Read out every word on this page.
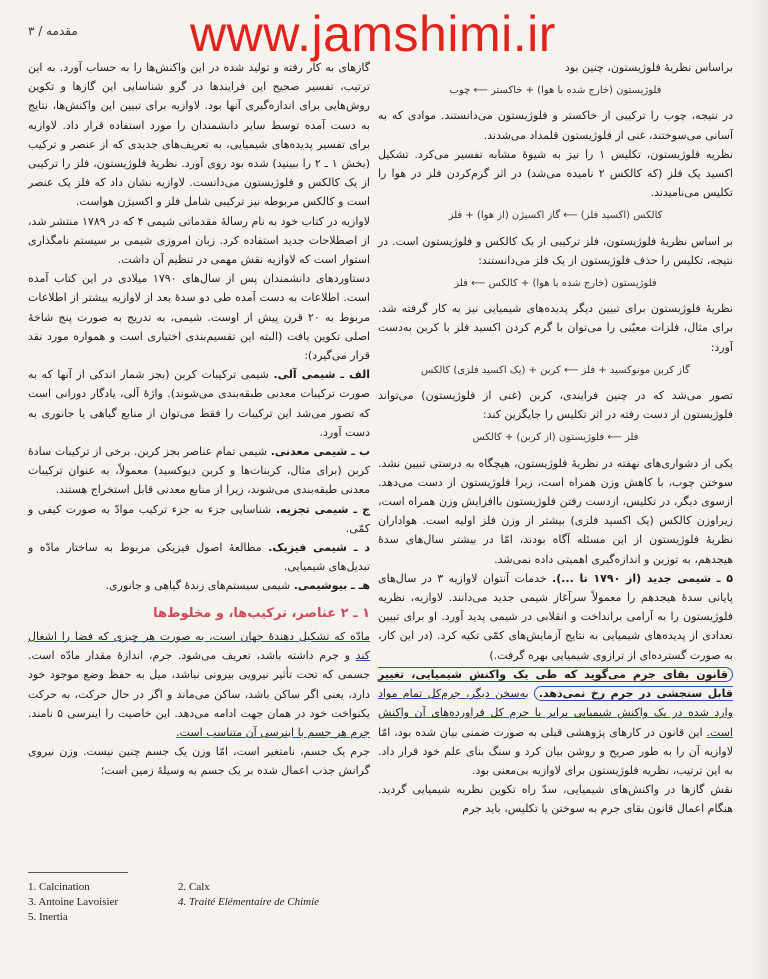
www.jamshimi.ir
مقدمه / ۳

براساس نظریهٔ فلوژیستون، چنین بود

فلوژیستون (خارج شده با هوا) + خاکستر ⟵ چوب

در نتیجه، چوب را ترکیبی از خاکستر و فلوژیستون می‌دانستند. موادی که به آسانی می‌سوختند، غنی از فلوژیستون قلمداد می‌شدند.

نظریه فلوژیستون، تکلیس ۱ را نیز به شیوهٔ مشابه تفسیر می‌کرد. تشکیل اکسید یک فلز (که کالکس ۲ نامیده می‌شد) در اثر گرم‌کردن فلز در هوا را تکلیس می‌نامیدند.

کالکس (اکسید فلز) ⟵ گاز اکسیژن (از هوا) + فلز

بر اساس نظریهٔ فلوژیستون، فلز ترکیبی از یک کالکس و فلوژیستون است. در نتیجه، تکلیس را حذف فلوژیستون از یک فلز می‌دانستند:

فلوژیستون (خارج شده با هوا) + کالکس ⟵ فلز

نظریهٔ فلوژیستون برای تبیین دیگر پدیده‌های شیمیایی نیز به کار گرفته شد. برای مثال، فلزات معیّنی را می‌توان با گرم کردن اکسید فلز با کربن به‌دست آورد:

گاز کربن مونوکسید + فلز ⟵ کربن + (یک اکسید فلزی) کالکس

تصور می‌شد که در چنین فرایندی، کربن (غنی از فلوژیستون) می‌تواند فلوژیستون از دست رفته در اثر تکلیس را جایگزین کند:

فلز ⟵ فلوژیستون (از کربن) + کالکس

یکی از دشواری‌های نهفته در نظریهٔ فلوژیستون، هیچگاه به درستی تبیین نشد. سوختن چوب، با کاهش وزن همراه است، زیرا فلوژیستون از دست می‌دهد. ازسوی دیگر، در تکلیس، ازدست رفتن فلوژیستون باافزایش وزن همراه است، زیراوزن کالکس (یک اکسید فلزی) بیشتر از وزن فلز اولیه است. هواداران نظریهٔ فلوژیستون از این مسئله آگاه بودند، امّا در بیشتر سال‌های سدهٔ هیجدهم، به توزین و اندازه‌گیری اهمیتی داده نمی‌شد.

۵ ـ شیمی جدید (از ۱۷۹۰ تا ...). خدمات آنتوان لاوازیه ۳ در سال‌های پایانی سدهٔ هیجدهم را معمولاً سرآغاز شیمی جدید می‌دانند. لاوازیه، نظریه فلوژیستون را به آرامی برانداخت و انقلابی در شیمی پدید آورد. او برای تبیین تعدادی از پدیده‌های شیمیایی به نتایج آزمایش‌های کمّی تکیه کرد. (در این کار، به صورت گسترده‌ای از ترازوی شیمیایی بهره گرفت.)

قانون بقای جرم می‌گوید که طی یک واکنش شیمیایی، تغییر قابل سنجشی در جرم رخ نمی‌دهد. به‌سخن دیگر، جرم‌کل تمام مواد وارد شده در یک واکنش شیمیایی برابر با جرم کل فراورده‌های آن واکنش است. این قانون در کارهای پژوهشی قبلی به صورت ضمنی بیان شده بود، امّا لاوازیه آن را به طور صریح و روشن بیان کرد و سنگ بنای علم خود قرار داد. به این ترتیب، نظریه فلوژیستون برای لاوازیه بی‌معنی بود.

نقش گازها در واکنش‌های شیمیایی، سدّ راه تکوین نظریه شیمیایی گردید. هنگام اعمال قانون بقای جرم به سوختن یا تکلیس، باید جرم

گازهای به کار رفته و تولید شده در این واکنش‌ها را به حساب آورد. به این ترتیب، تفسیر صحیح این فرایندها در گرو شناسایی این گازها و تکوین روش‌هایی برای اندازه‌گیری آنها بود. لاوازیه برای تبیین این واکنش‌ها، نتایج به دست آمده توسط سایر دانشمندان را مورد استفاده قرار داد. لاوازیه برای تفسیر پدیده‌های شیمیایی، به تعریف‌های جدیدی که از عنصر و ترکیب (بخش ۱ ـ ۲ را ببینید) شده بود روی آورد. نظریهٔ فلوژیستون، فلز را ترکیبی از یک کالکس و فلوژیستون می‌دانست. لاوازیه نشان داد که فلز یک عنصر است و کالکس مربوطه نیز ترکیبی شامل فلز و اکسیژن هواست.

لاوازیه در کتاب خود به نام رسالهٔ مقدماتی شیمی ۴ که در ۱۷۸۹ منتشر شد، از اصطلاحات جدید استفاده کرد. زبان امروزی شیمی بر سیستم نامگذاری استوار است که لاوازیه نقش مهمی در تنظیم آن داشت.

دستاوردهای دانشمندان پس از سال‌های ۱۷۹۰ میلادی در این کتاب آمده است. اطلاعات به دست آمده طی دو سدهٔ بعد از لاوازیه بیشتر از اطلاعات مربوط به ۲۰ قرن پیش از اوست. شیمی، به تدریج به صورت پنج شاخهٔ اصلی تکوین یافت (البته این تقسیم‌بندی اختیاری است و همواره مورد نقد قرار می‌گیرد):

الف ـ شیمی آلی. شیمی ترکیبات کربن (بجز شمار اندکی از آنها که به صورت ترکیبات معدنی طبقه‌بندی می‌شوند). واژهٔ آلی، یادگار دورانی است که تصور می‌شد این ترکیبات را فقط می‌توان از منابع گیاهی یا جانوری به دست آورد.

ب ـ شیمی معدنی. شیمی تمام عناصر بجز کربن. برخی از ترکیبات سادهٔ کربن (برای مثال، کربنات‌ها و کربن دیوکسید) معمولاً، به عنوان ترکیبات معدنی طبقه‌بندی می‌شوند، زیرا از منابع معدنی قابل استخراج هستند.

ج ـ شیمی تجزیه. شناسایی جزء به جزء ترکیب موادّ به صورت کیفی و کمّی.

د ـ شیمی فیزیک. مطالعهٔ اصول فیزیکی مربوط به ساختار مادّه و تبدیل‌های شیمیایی.

هـ ـ بیوشیمی. شیمی سیستم‌های زندهٔ گیاهی و جانوری.

۱ ـ ۲ عناصر، ترکیب‌ها، و مخلوط‌ها

مادّه که تشکیل دهندهٔ جهان است، به صورت هر چیزی که فضا را اشغال کند و جرم داشته باشد، تعریف می‌شود. جرم، اندازهٔ مقدار مادّه است. جسمی که تحت تأثیر نیرویی بیرونی نباشد، میل به حفظ وضع موجود خود دارد، یعنی اگر ساکن باشد، ساکن می‌ماند و اگر در حال حرکت، به حرکت یکنواخت خود در همان جهت ادامه می‌دهد. این خاصیت را اینرسی ۵ نامند. جرم هر جسم با اینرسی آن متناسب است.

جرم یک جسم، نامتغیر است، امّا وزن یک جسم چنین نیست. وزن نیروی گرانش جذب اعمال شده بر یک جسم به وسیلهٔ زمین است؛

1. Calcination	2. Calx
3. Antoine Lavoisier	4. Traité Elémentaire de Chimie
5. Inertia
